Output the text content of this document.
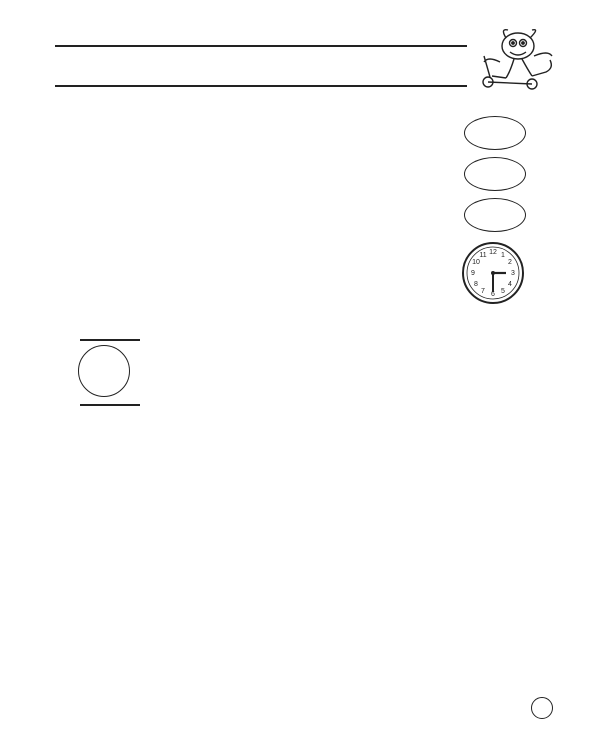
12 1
2
3
4
5
6
7
8
9
10
11
